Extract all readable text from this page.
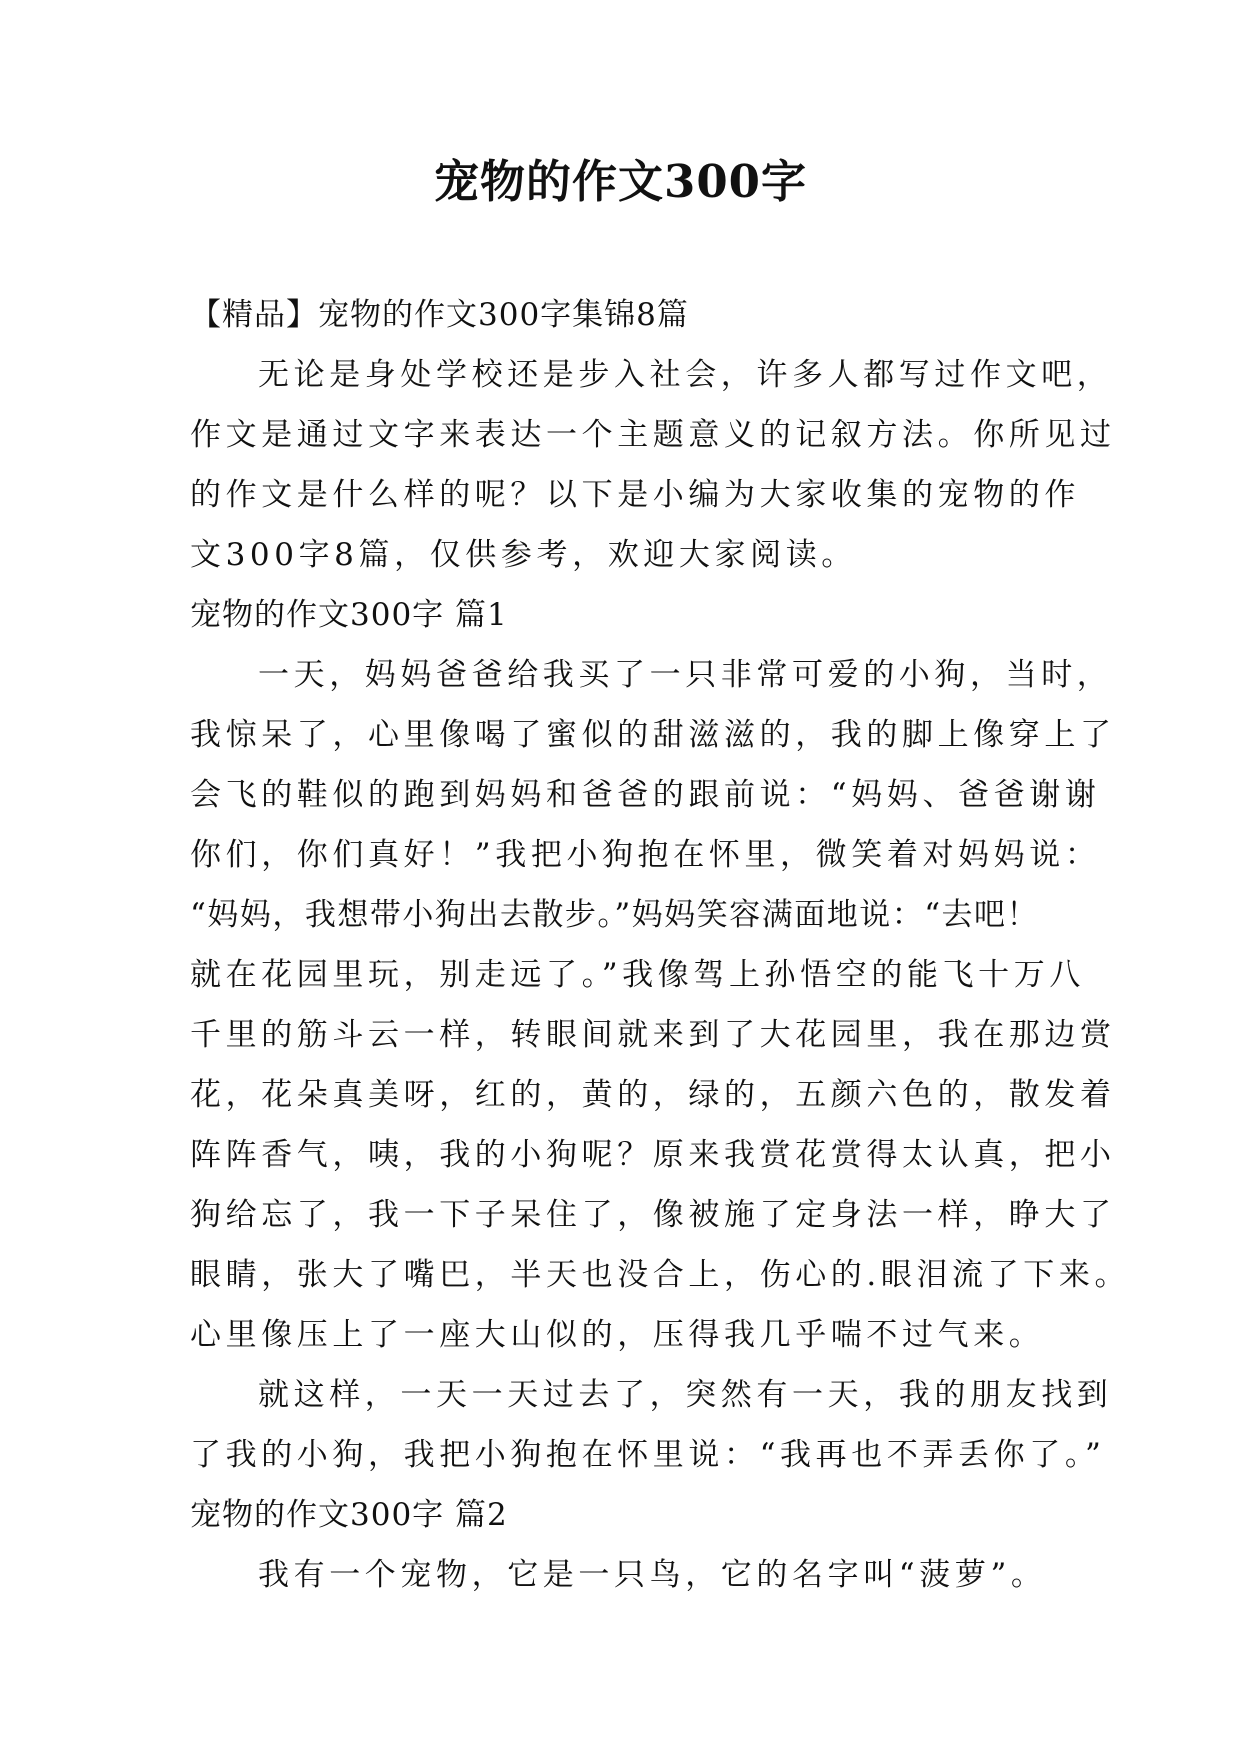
宠物的作文300字
【精品】宠物的作文300字集锦8篇
无论是身处学校还是步入社会，许多人都写过作文吧，
作文是通过文字来表达一个主题意义的记叙方法。你所见过
的作文是什么样的呢？以下是小编为大家收集的宠物的作
文300字8篇，仅供参考，欢迎大家阅读。
宠物的作文300字 篇1
一天，妈妈爸爸给我买了一只非常可爱的小狗，当时，
我惊呆了，心里像喝了蜜似的甜滋滋的，我的脚上像穿上了
会飞的鞋似的跑到妈妈和爸爸的跟前说：“妈妈、爸爸谢谢
你们，你们真好！”我把小狗抱在怀里，微笑着对妈妈说：
“妈妈，我想带小狗出去散步。”妈妈笑容满面地说：“去吧！
就在花园里玩，别走远了。”我像驾上孙悟空的能飞十万八
千里的筋斗云一样，转眼间就来到了大花园里，我在那边赏
花，花朵真美呀，红的，黄的，绿的，五颜六色的，散发着
阵阵香气，咦，我的小狗呢？原来我赏花赏得太认真，把小
狗给忘了，我一下子呆住了，像被施了定身法一样，睁大了
眼睛，张大了嘴巴，半天也没合上，伤心的.眼泪流了下来。
心里像压上了一座大山似的，压得我几乎喘不过气来。
就这样，一天一天过去了，突然有一天，我的朋友找到
了我的小狗，我把小狗抱在怀里说：“我再也不弄丢你了。”
宠物的作文300字 篇2
我有一个宠物，它是一只鸟，它的名字叫“菠萝”。
